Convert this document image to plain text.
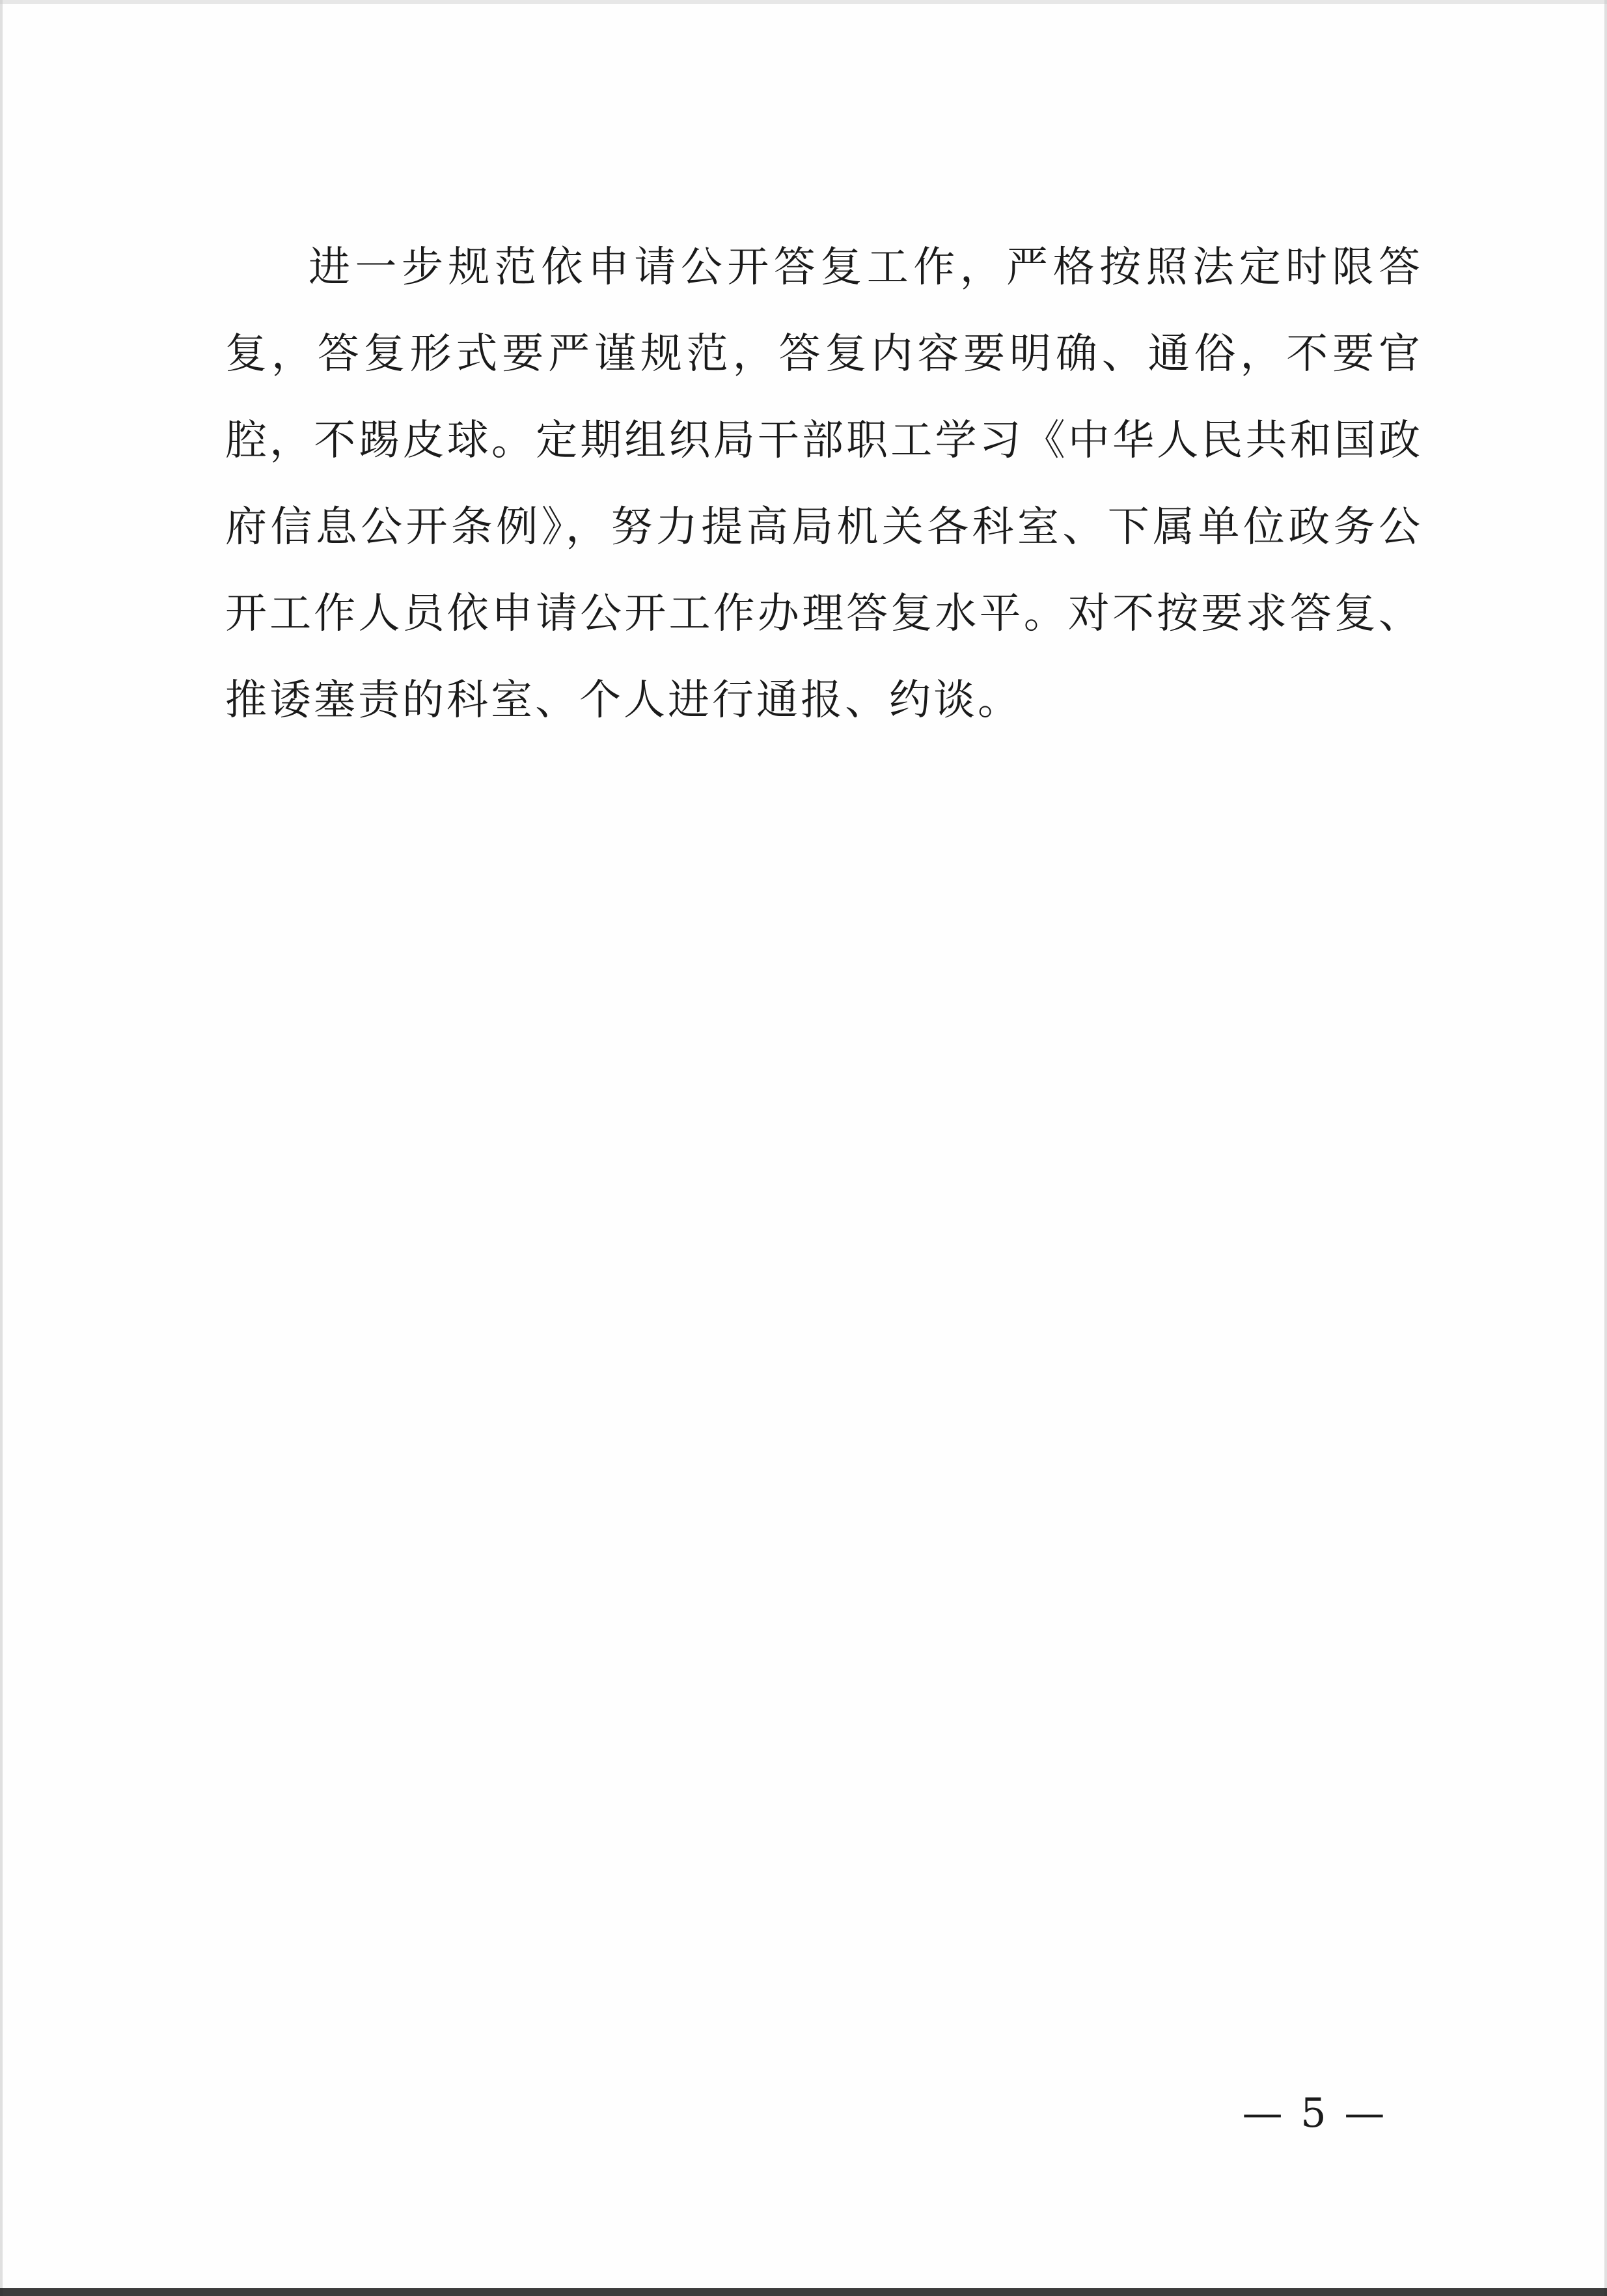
进一步规范依申请公开答复工作，严格按照法定时限答复，答复形式要严谨规范，答复内容要明确、通俗，不要官腔，不踢皮球。定期组织局干部职工学习《中华人民共和国政府信息公开条例》，努力提高局机关各科室、下属单位政务公开工作人员依申请公开工作办理答复水平。对不按要求答复、推诿塞责的科室、个人进行通报、约谈。

— 5 —
